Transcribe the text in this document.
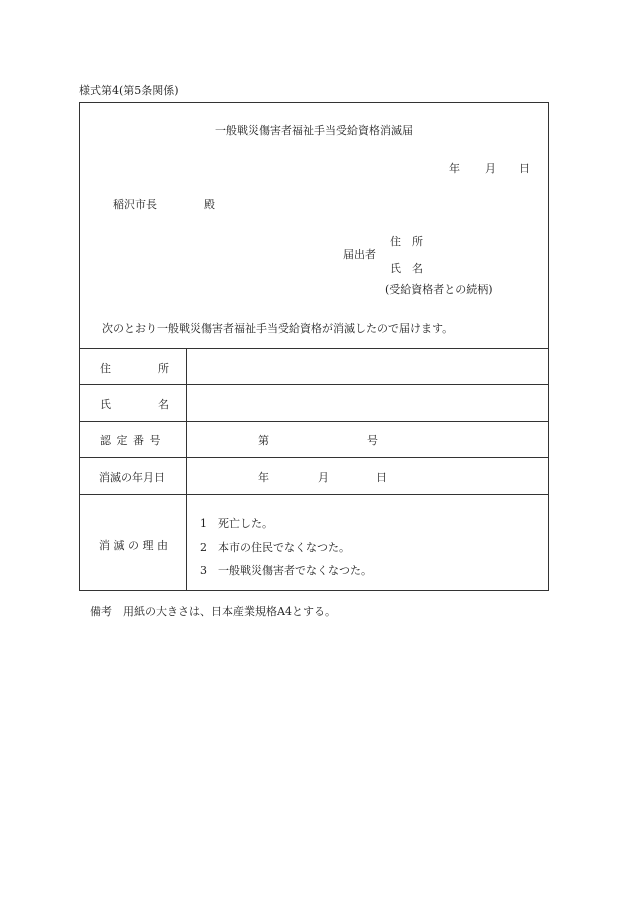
様式第4(第5条関係)
一般戦災傷害者福祉手当受給資格消滅届
年 月 日
稲沢市長	殿
届出者
住　所
氏　名
(受給資格者との続柄)
次のとおり一般戦災傷害者福祉手当受給資格が消滅したので届けます。
住	所
氏	名
認 定 番 号	第	号
消滅の年月日	年	月	日
消 滅 の 理 由
1　死亡した。
2　本市の住民でなくなつた。
3　一般戦災傷害者でなくなつた。
備考　用紙の大きさは、日本産業規格A4とする。
